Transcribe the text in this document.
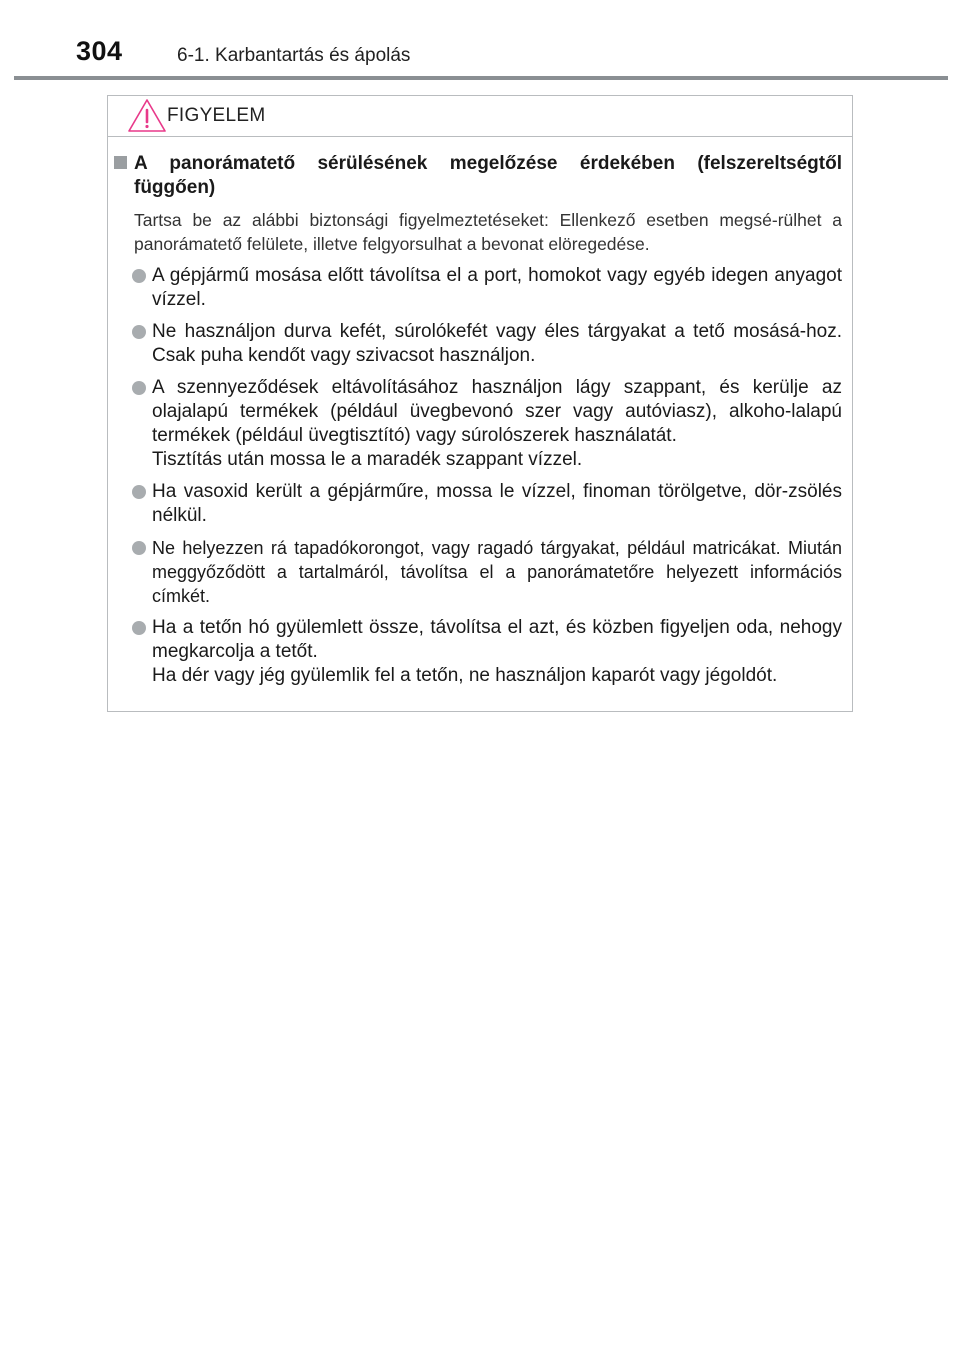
304	6-1. Karbantartás és ápolás
FIGYELEM
A panorámatető sérülésének megelőzése érdekében (felszereltségtől függően)
Tartsa be az alábbi biztonsági figyelmeztetéseket: Ellenkező esetben megsé-rülhet a panorámatető felülete, illetve felgyorsulhat a bevonat elöregedése.
A gépjármű mosása előtt távolítsa el a port, homokot vagy egyéb idegen anyagot vízzel.
Ne használjon durva kefét, súrolókefét vagy éles tárgyakat a tető mosásá-hoz. Csak puha kendőt vagy szivacsot használjon.
A szennyeződések eltávolításához használjon lágy szappant, és kerülje az olajalapú termékek (például üvegbevonó szer vagy autóviasz), alkoho-lalapú termékek (például üvegtisztító) vagy súrolószerek használatát.
Tisztítás után mossa le a maradék szappant vízzel.
Ha vasoxid került a gépjárműre, mossa le vízzel, finoman törölgetve, dör-zsölés nélkül.
Ne helyezzen rá tapadókorongot, vagy ragadó tárgyakat, például matricákat. Miután meggyőződött a tartalmáról, távolítsa el a panorámatetőre helyezett információs címkét.
Ha a tetőn hó gyülemlett össze, távolítsa el azt, és közben figyeljen oda, nehogy megkarcolja a tetőt.
Ha dér vagy jég gyülemlik fel a tetőn, ne használjon kaparót vagy jégoldót.
